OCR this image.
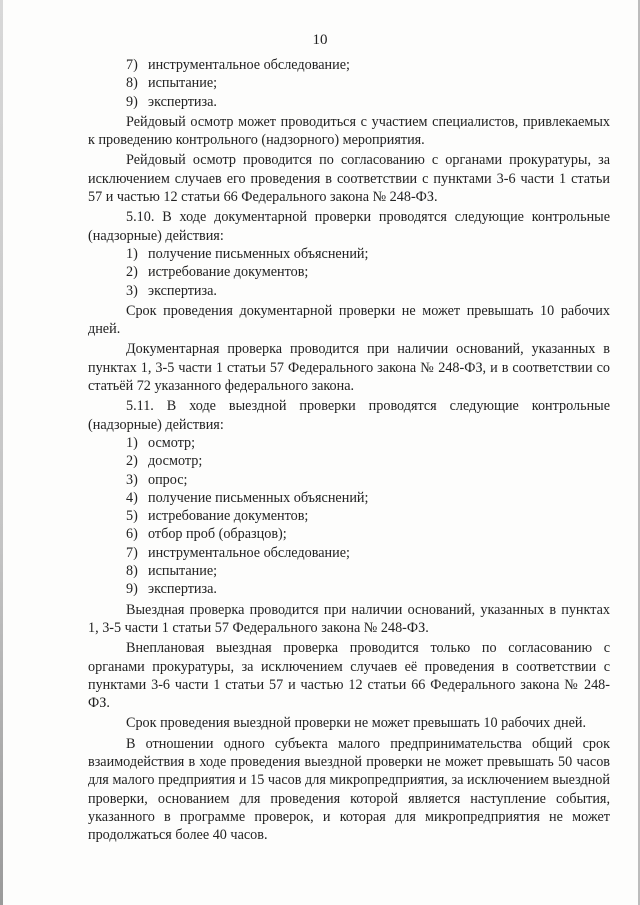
10
7) инструментальное обследование;
8) испытание;
9) экспертиза.

Рейдовый осмотр может проводиться с участием специалистов, привлекаемых к проведению контрольного (надзорного) мероприятия.

Рейдовый осмотр проводится по согласованию с органами прокуратуры, за исключением случаев его проведения в соответствии с пунктами 3-6 части 1 статьи 57 и частью 12 статьи 66 Федерального закона № 248-ФЗ.

5.10. В ходе документарной проверки проводятся следующие контрольные (надзорные) действия:

1) получение письменных объяснений;
2) истребование документов;
3) экспертиза.

Срок проведения документарной проверки не может превышать 10 рабочих дней.

Документарная проверка проводится при наличии оснований, указанных в пунктах 1, 3-5 части 1 статьи 57 Федерального закона № 248-ФЗ, и в соответствии со статьёй 72 указанного федерального закона.

5.11. В ходе выездной проверки проводятся следующие контрольные (надзорные) действия:

1) осмотр;
2) досмотр;
3) опрос;
4) получение письменных объяснений;
5) истребование документов;
6) отбор проб (образцов);
7) инструментальное обследование;
8) испытание;
9) экспертиза.

Выездная проверка проводится при наличии оснований, указанных в пунктах 1, 3-5 части 1 статьи 57 Федерального закона № 248-ФЗ.

Внеплановая выездная проверка проводится только по согласованию с органами прокуратуры, за исключением случаев её проведения в соответствии с пунктами 3-6 части 1 статьи 57 и частью 12 статьи 66 Федерального закона № 248-ФЗ.

Срок проведения выездной проверки не может превышать 10 рабочих дней.

В отношении одного субъекта малого предпринимательства общий срок взаимодействия в ходе проведения выездной проверки не может превышать 50 часов для малого предприятия и 15 часов для микропредприятия, за исключением выездной проверки, основанием для проведения которой является наступление события, указанного в программе проверок, и которая для микропредприятия не может продолжаться более 40 часов.
